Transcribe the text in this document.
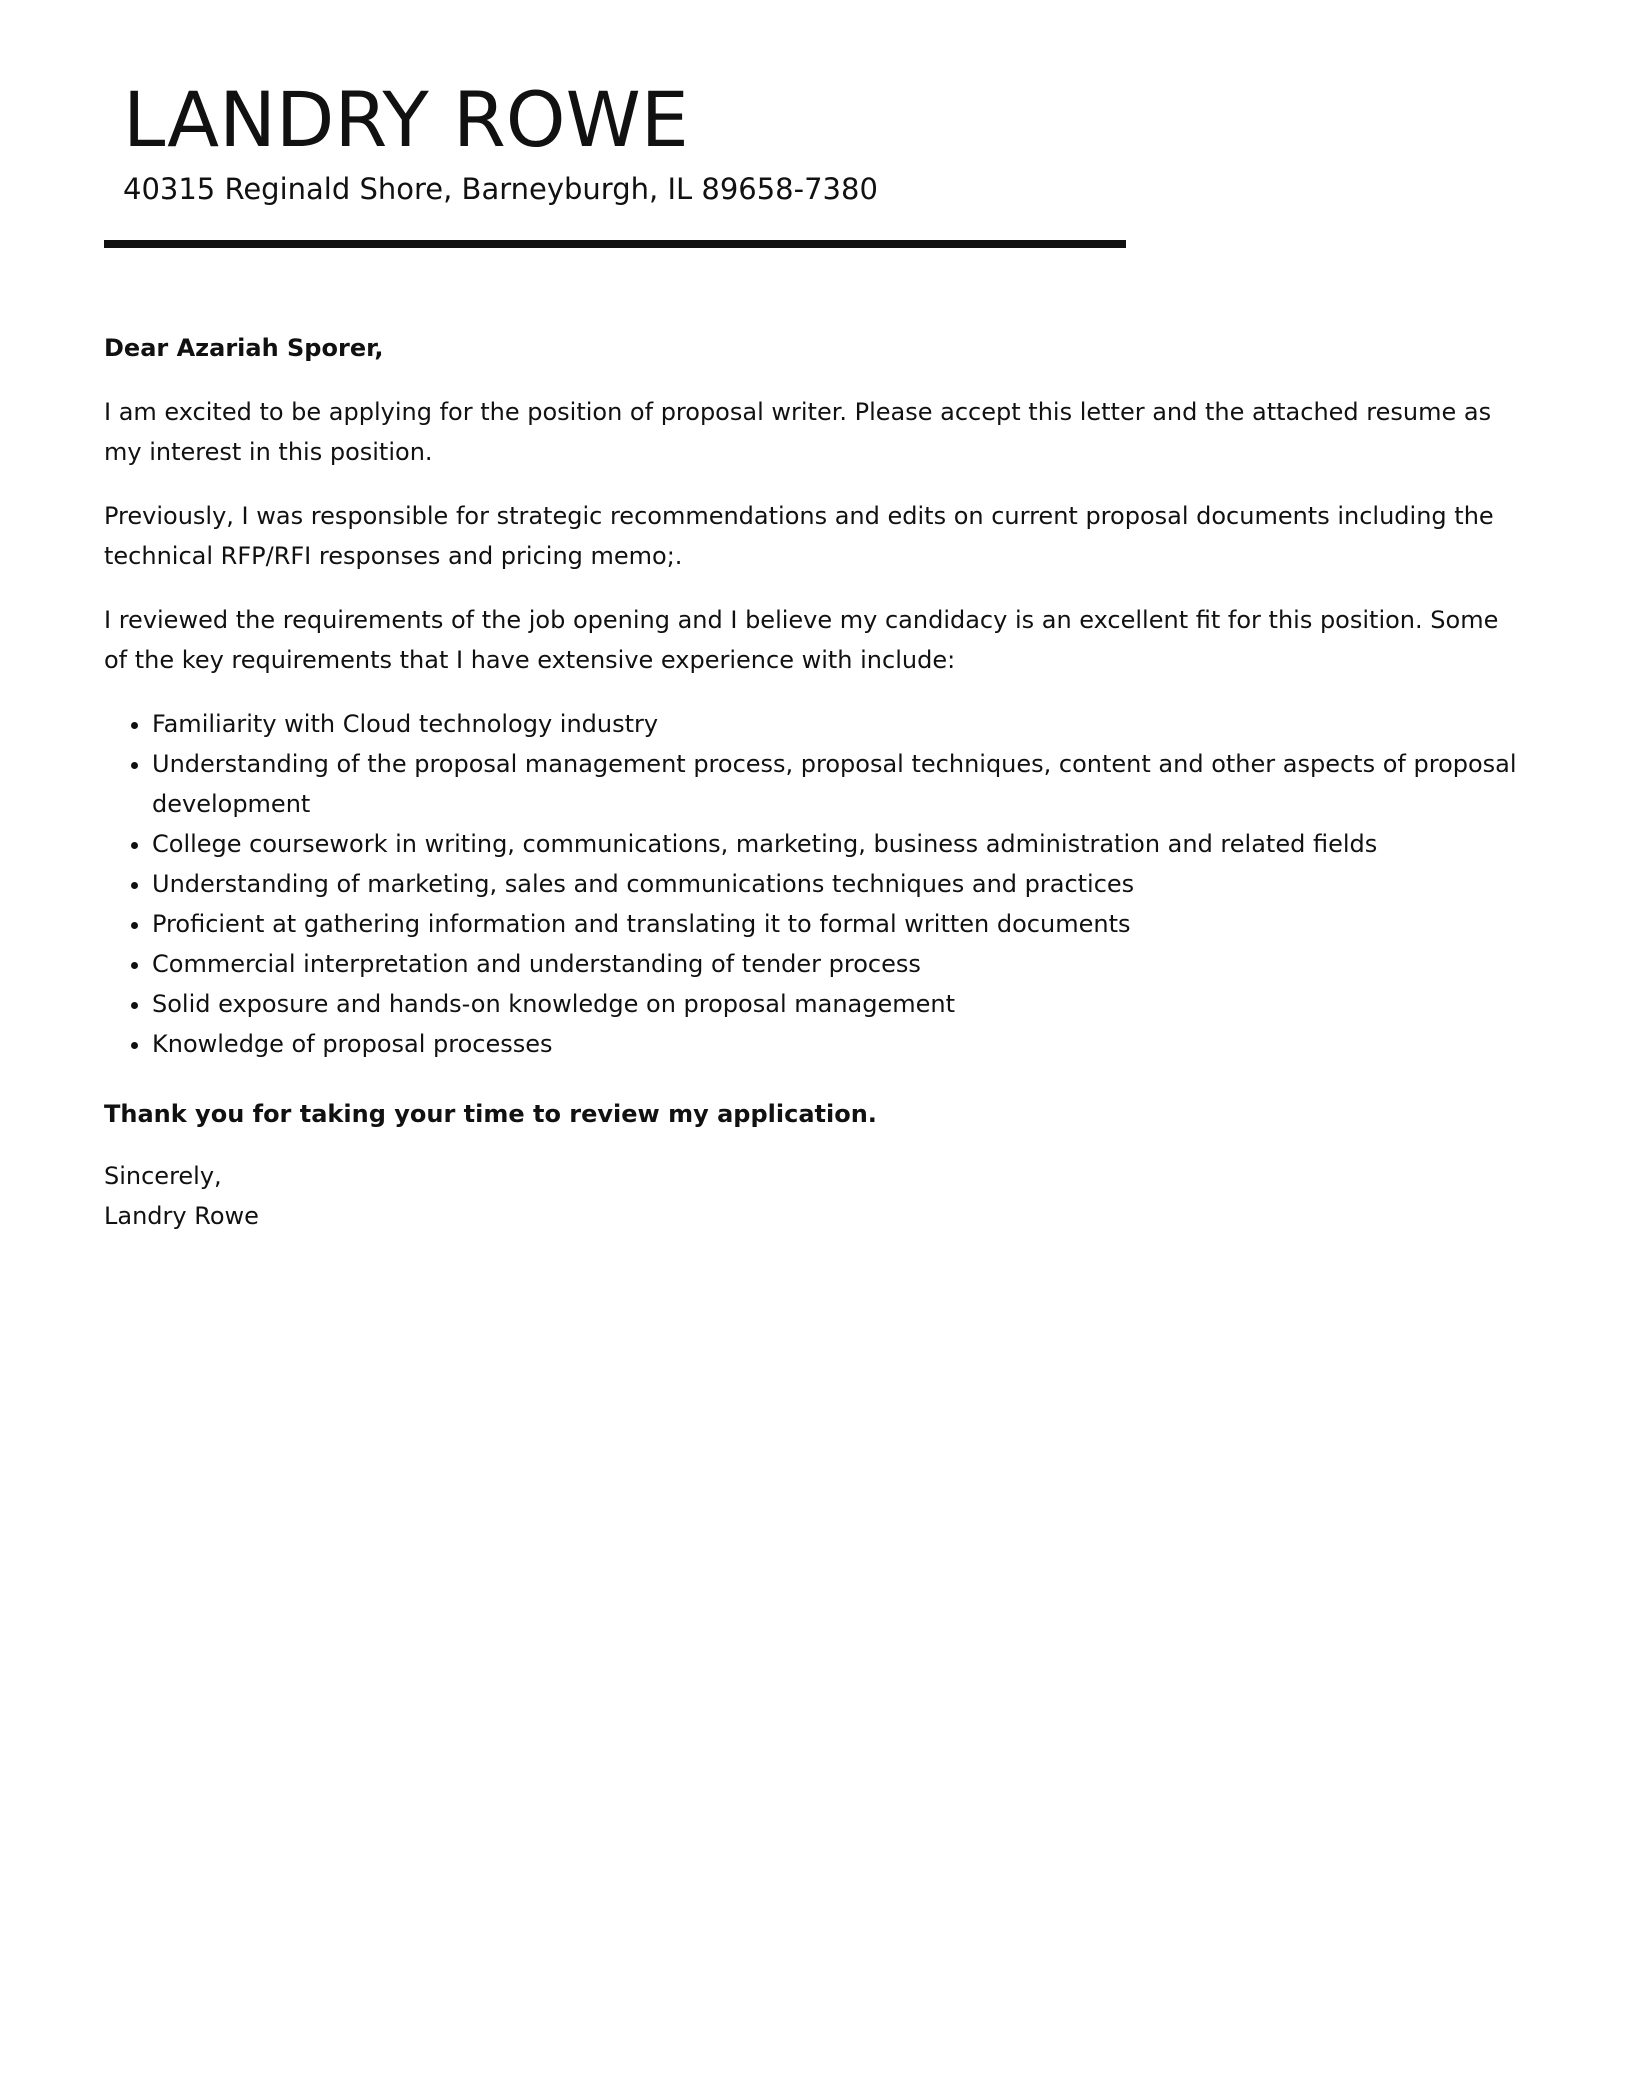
LANDRY ROWE

40315 Reginald Shore, Barneyburgh, IL 89658-7380

Dear Azariah Sporer,

I am excited to be applying for the position of proposal writer. Please accept this letter and the attached resume as my interest in this position.

Previously, I was responsible for strategic recommendations and edits on current proposal documents including the technical RFP/RFI responses and pricing memo;.

I reviewed the requirements of the job opening and I believe my candidacy is an excellent fit for this position. Some of the key requirements that I have extensive experience with include:

• Familiarity with Cloud technology industry
• Understanding of the proposal management process, proposal techniques, content and other aspects of proposal development
• College coursework in writing, communications, marketing, business administration and related fields
• Understanding of marketing, sales and communications techniques and practices
• Proficient at gathering information and translating it to formal written documents
• Commercial interpretation and understanding of tender process
• Solid exposure and hands-on knowledge on proposal management
• Knowledge of proposal processes

Thank you for taking your time to review my application.

Sincerely,

Landry Rowe
